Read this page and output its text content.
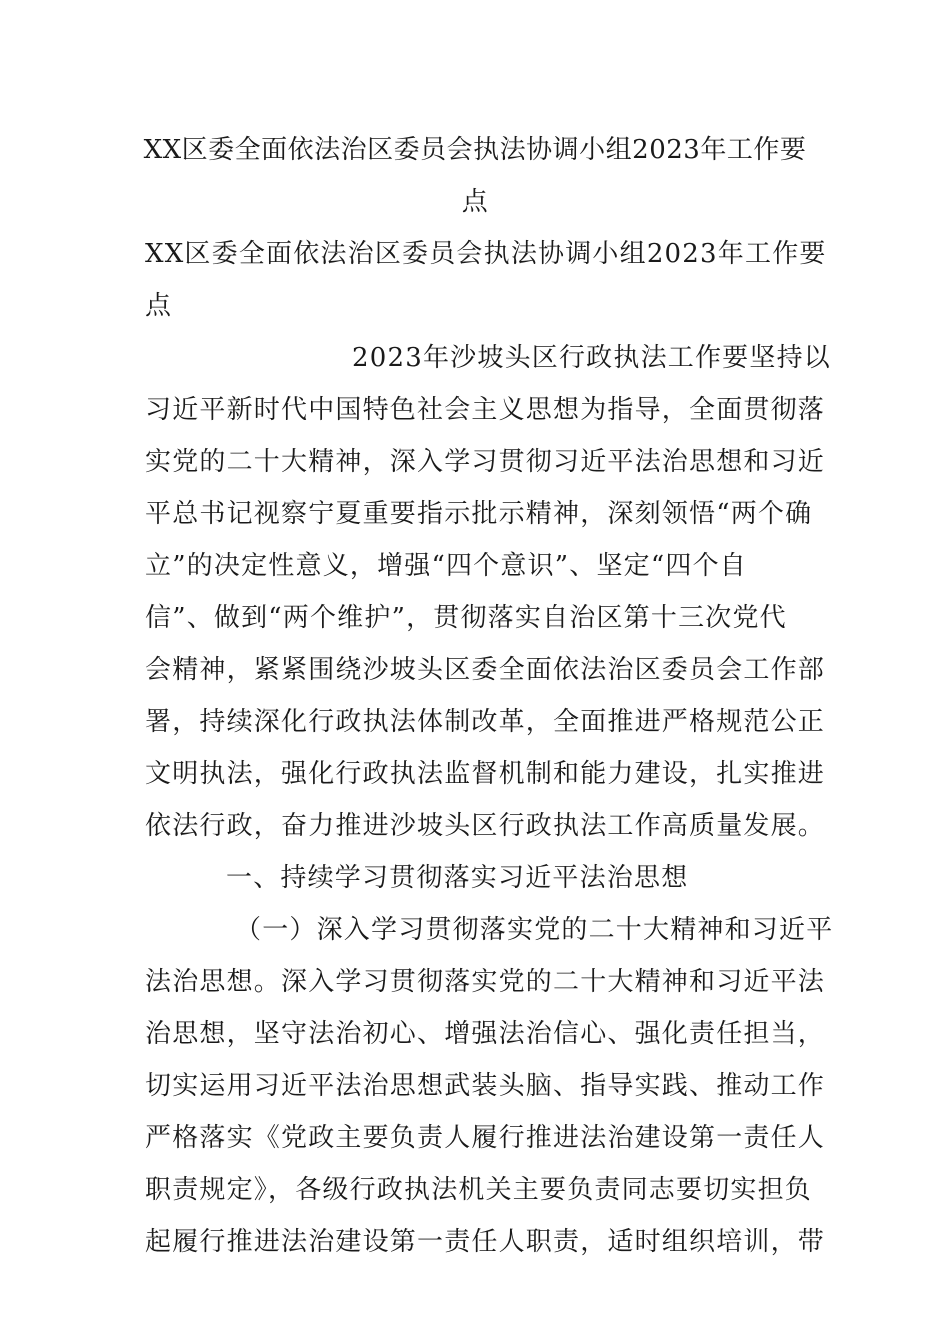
XX区委全面依法治区委员会执法协调小组2023年工作要
点
XX区委全面依法治区委员会执法协调小组2023年工作要
点
2023年沙坡头区行政执法工作要坚持以
习近平新时代中国特色社会主义思想为指导，全面贯彻落
实党的二十大精神，深入学习贯彻习近平法治思想和习近
平总书记视察宁夏重要指示批示精神，深刻领悟“两个确
立”的决定性意义，增强“四个意识”、坚定“四个自
信”、做到“两个维护”，贯彻落实自治区第十三次党代
会精神，紧紧围绕沙坡头区委全面依法治区委员会工作部
署，持续深化行政执法体制改革，全面推进严格规范公正
文明执法，强化行政执法监督机制和能力建设，扎实推进
依法行政，奋力推进沙坡头区行政执法工作高质量发展。
一、持续学习贯彻落实习近平法治思想
（一）深入学习贯彻落实党的二十大精神和习近平
法治思想。深入学习贯彻落实党的二十大精神和习近平法
治思想，坚守法治初心、增强法治信心、强化责任担当，
切实运用习近平法治思想武装头脑、指导实践、推动工作
严格落实《党政主要负责人履行推进法治建设第一责任人
职责规定》，各级行政执法机关主要负责同志要切实担负
起履行推进法治建设第一责任人职责，适时组织培训，带
